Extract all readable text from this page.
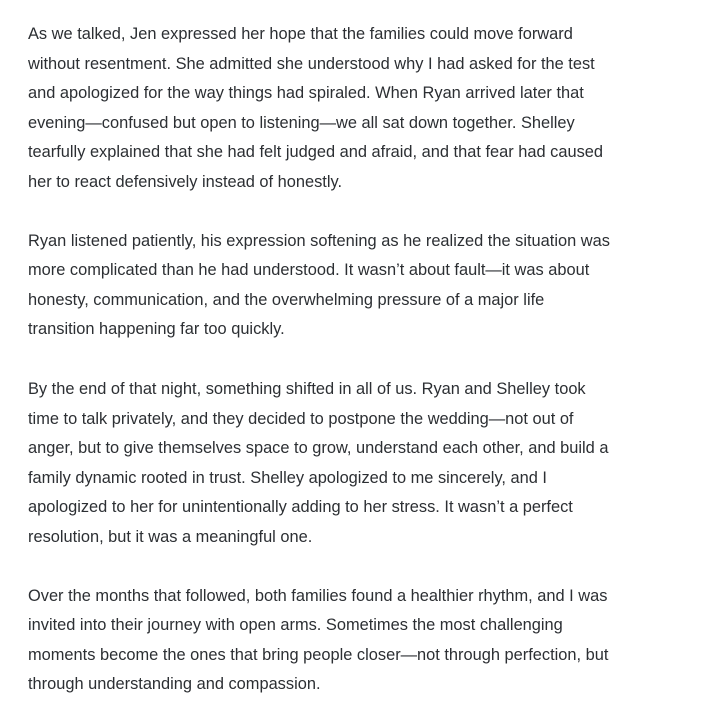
As we talked, Jen expressed her hope that the families could move forward
without resentment. She admitted she understood why I had asked for the test
and apologized for the way things had spiraled. When Ryan arrived later that
evening—confused but open to listening—we all sat down together. Shelley
tearfully explained that she had felt judged and afraid, and that fear had caused
her to react defensively instead of honestly.

Ryan listened patiently, his expression softening as he realized the situation was
more complicated than he had understood. It wasn’t about fault—it was about
honesty, communication, and the overwhelming pressure of a major life
transition happening far too quickly.

By the end of that night, something shifted in all of us. Ryan and Shelley took
time to talk privately, and they decided to postpone the wedding—not out of
anger, but to give themselves space to grow, understand each other, and build a
family dynamic rooted in trust. Shelley apologized to me sincerely, and I
apologized to her for unintentionally adding to her stress. It wasn’t a perfect
resolution, but it was a meaningful one.

Over the months that followed, both families found a healthier rhythm, and I was
invited into their journey with open arms. Sometimes the most challenging
moments become the ones that bring people closer—not through perfection, but
through understanding and compassion.
